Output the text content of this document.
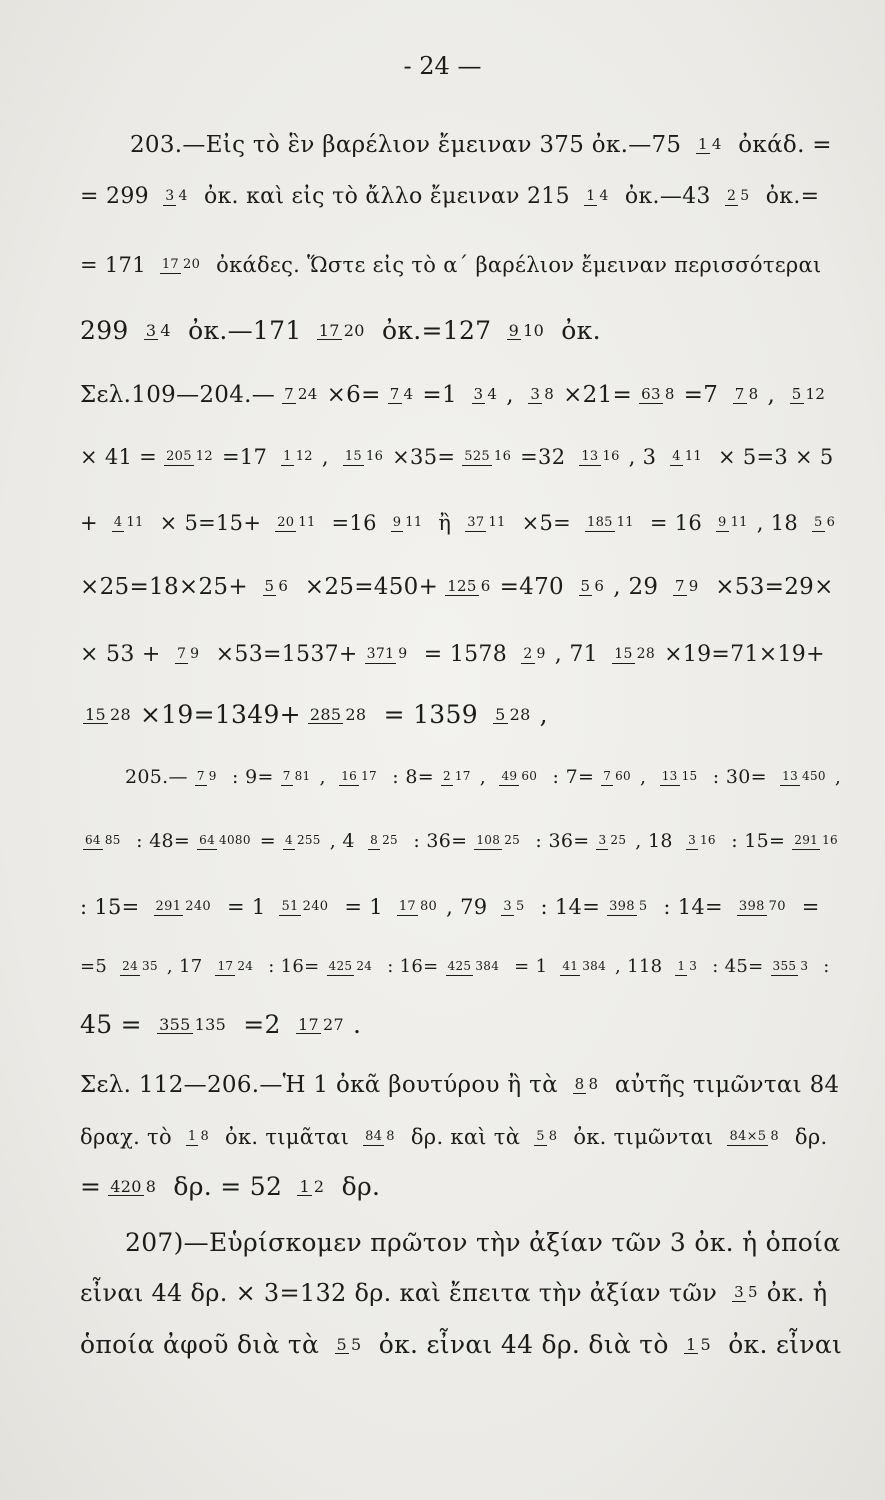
- 24 —
203.—Εἰς τὸ ἓν βαρέλιον ἔμειναν 375 ὀκ.—75 1 4 ὀκάδ. =
= 299 3 4 ὀκ. καὶ εἰς τὸ ἄλλο ἔμειναν 215 1 4 ὀκ.—43 2 5 ὀκ.=
= 171 17 20 ὀκάδες. Ὥστε εἰς τὸ α΄ βαρέλιον ἔμειναν περισσότεραι
299 3 4 ὀκ.—171 17 20 ὀκ.=127 9 10 ὀκ.
Σελ.109—204.— 7 24 ×6= 7 4 =1 3 4 , 3 8 ×21= 63 8 =7 7 8 , 5 12
× 41 = 205 12 =17 1 12 , 15 16 ×35= 525 16 =32 13 16 , 3 4 11 × 5=3 × 5
+ 4 11 × 5=15+ 20 11 =16 9 11 ἢ 37 11 ×5= 185 11 = 16 9 11 , 18 5 6
×25=18×25+ 5 6 ×25=450+ 125 6 =470 5 6 , 29 7 9 ×53=29×
× 53 + 7 9 ×53=1537+ 371 9 = 1578 2 9 , 71 15 28 ×19=71×19+
15 28 ×19=1349+ 285 28 = 1359 5 28 ,
205.— 7 9 : 9= 7 81 , 16 17 : 8= 2 17 , 49 60 : 7= 7 60 , 13 15 : 30= 13 450 ,
64 85 : 48= 64 4080 = 4 255 , 4 8 25 : 36= 108 25 : 36= 3 25 , 18 3 16 : 15= 291 16
: 15= 291 240 = 1 51 240 = 1 17 80 , 79 3 5 : 14= 398 5 : 14= 398 70 =
=5 24 35 , 17 17 24 : 16= 425 24 : 16= 425 384 = 1 41 384 , 118 1 3 : 45= 355 3 :
45 = 355 135 =2 17 27 .
Σελ. 112—206.—Ἡ 1 ὀκᾶ βουτύρου ἢ τὰ 8 8 αὐτῆς τιμῶνται 84
δραχ. τὸ 1 8 ὀκ. τιμᾶται 84 8 δρ. καὶ τὰ 5 8 ὀκ. τιμῶνται 84×5 8 δρ.
= 420 8 δρ. = 52 1 2 δρ.
207)—Εὑρίσκομεν πρῶτον τὴν ἀξίαν τῶν 3 ὀκ. ἡ ὁποία
εἶναι 44 δρ. × 3=132 δρ. καὶ ἔπειτα τὴν ἀξίαν τῶν 3 5 ὀκ. ἡ
ὁποία ἀφοῦ διὰ τὰ 5 5 ὀκ. εἶναι 44 δρ. διὰ τὸ 1 5 ὀκ. εἶναι
